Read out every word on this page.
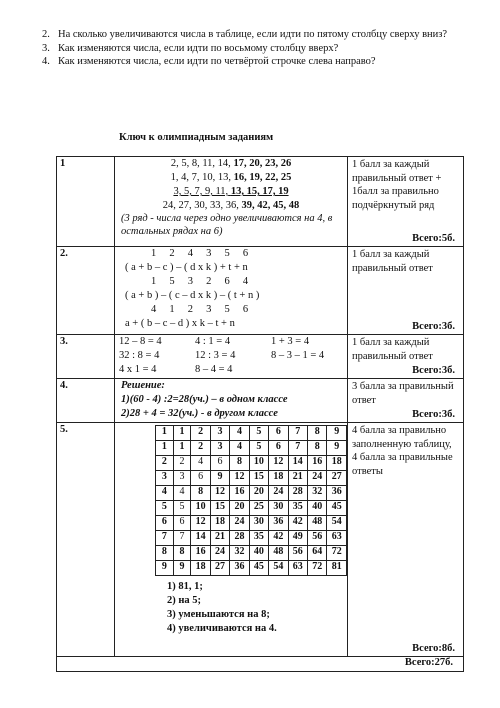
2. На сколько увеличиваются числа в таблице, если идти по пятому столбцу сверху вниз?
3. Как изменяются числа, если идти по восьмому столбцу вверх?
4. Как изменяются числа, если идти по четвёртой строчке слева направо?
Ключ к олимпиадным заданиям
1	2, 5, 8, 11, 14, 17, 20, 23, 26
1, 4, 7, 10, 13, 16, 19, 22, 25
3, 5, 7, 9, 11, 13, 15, 17, 19
24, 27, 30, 33, 36, 39, 42, 45, 48
(3 ряд - числа через одно увеличиваются на 4, в остальных рядах на 6)

1 балл за каждый правильный ответ + 1балл за правильно подчёркнутый ряд
Всего:5б.

2.	1     2     4     3     5     6
( а + b – с ) – ( d х k ) + t + n
1     5     3     2     6     4
( а + b ) – ( с – d х k ) – ( t + n )
4     1     2     3     5     6
а + ( b – с – d ) х k – t + n

1 балл за каждый правильный ответ
Всего:3б.

3.	12 – 8 = 4	4 : 1 = 4	1 + 3 = 4
32 : 8 = 4	12 : 3 = 4	8 – 3 – 1 = 4
4 х 1 = 4	8 – 4 = 4

1 балл за каждый правильный ответ
Всего:3б.

4.	Решение:
1)(60 - 4) :2=28(уч.) – в одном классе
2)28 + 4 = 32(уч.) - в другом классе

3 балла за правильный ответ
Всего:3б.

5.		1	1	2	3	4	5	6	7	8	9
1	1	2	3	4	5	6	7	8	9
2	2	4	6	8	10	12	14	16	18
3	3	6	9	12	15	18	21	24	27
4	4	8	12	16	20	24	28	32	36
5	5	10	15	20	25	30	35	40	45
6	6	12	18	24	30	36	42	48	54
7	7	14	21	28	35	42	49	56	63
8	8	16	24	32	40	48	56	64	72
9	9	18	27	36	45	54	63	72	81
1) 81, 1;
2) на 5;
3) уменьшаются на 8;
4) увеличиваются на 4.

4 балла за правильно заполненную таблицу, 4 балла за правильные ответы
Всего:8б.

Всего:27б.
